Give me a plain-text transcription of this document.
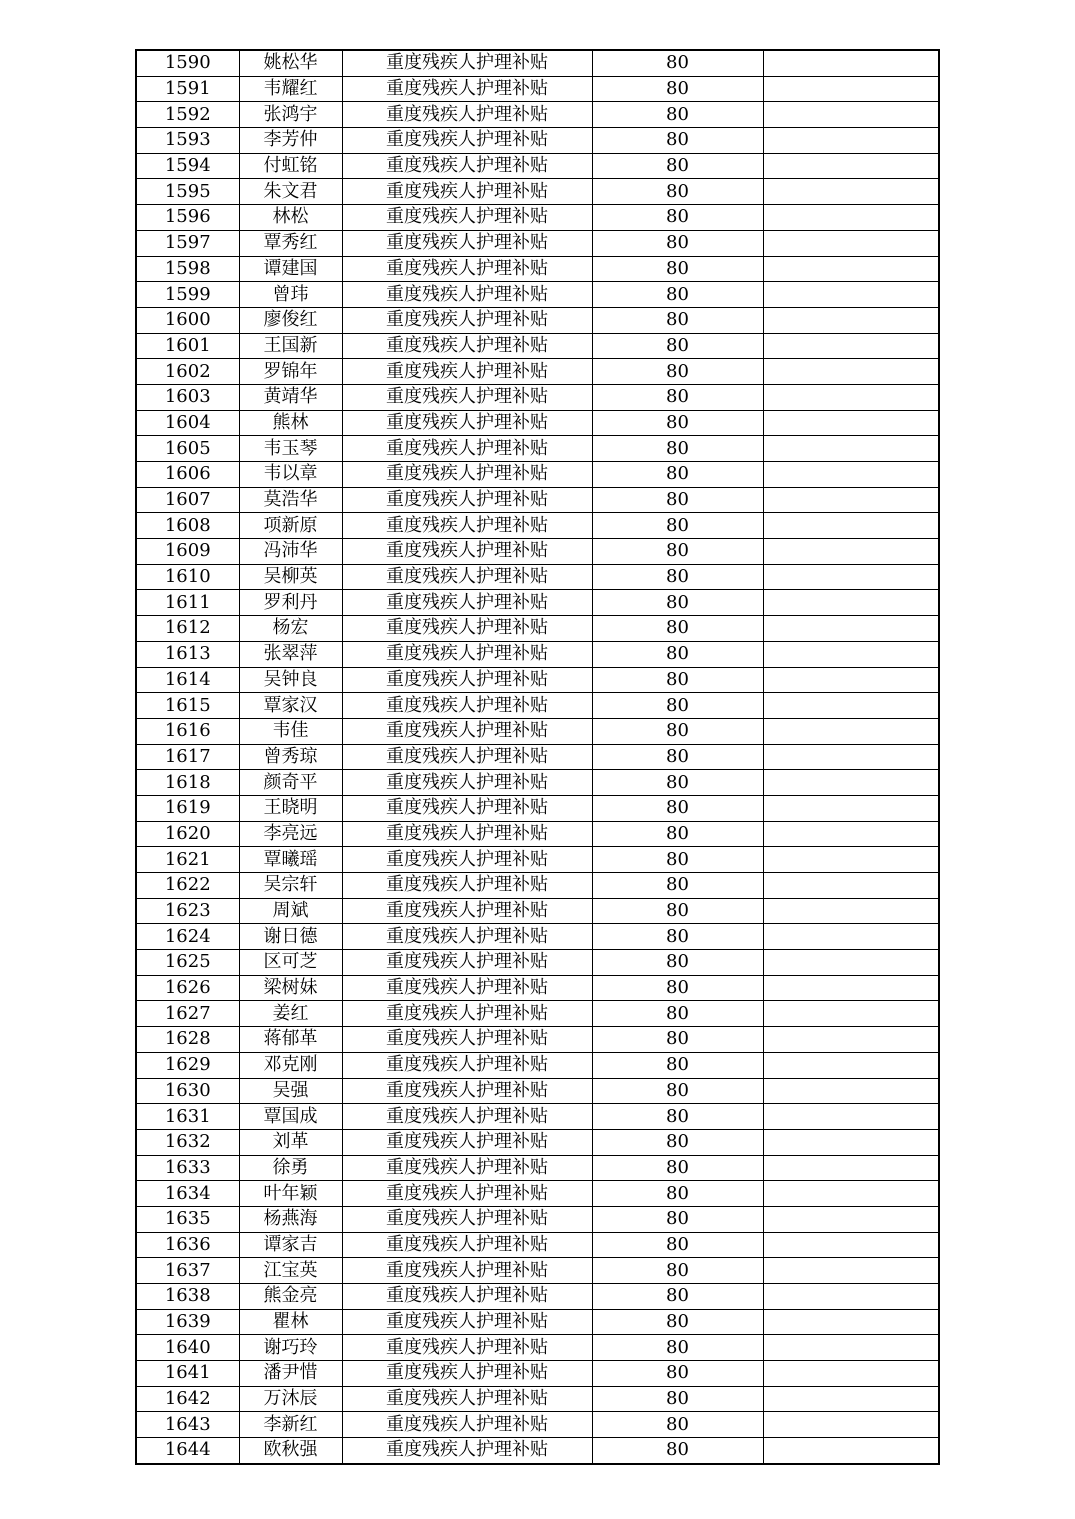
1590	姚松华	重度残疾人护理补贴	80	
1591	韦耀红	重度残疾人护理补贴	80	
1592	张鸿宇	重度残疾人护理补贴	80	
1593	李芳仲	重度残疾人护理补贴	80	
1594	付虹铭	重度残疾人护理补贴	80	
1595	朱文君	重度残疾人护理补贴	80	
1596	林松	重度残疾人护理补贴	80	
1597	覃秀红	重度残疾人护理补贴	80	
1598	谭建国	重度残疾人护理补贴	80	
1599	曾玮	重度残疾人护理补贴	80	
1600	廖俊红	重度残疾人护理补贴	80	
1601	王国新	重度残疾人护理补贴	80	
1602	罗锦年	重度残疾人护理补贴	80	
1603	黄靖华	重度残疾人护理补贴	80	
1604	熊林	重度残疾人护理补贴	80	
1605	韦玉琴	重度残疾人护理补贴	80	
1606	韦以章	重度残疾人护理补贴	80	
1607	莫浩华	重度残疾人护理补贴	80	
1608	项新原	重度残疾人护理补贴	80	
1609	冯沛华	重度残疾人护理补贴	80	
1610	吴柳英	重度残疾人护理补贴	80	
1611	罗利丹	重度残疾人护理补贴	80	
1612	杨宏	重度残疾人护理补贴	80	
1613	张翠萍	重度残疾人护理补贴	80	
1614	吴钟良	重度残疾人护理补贴	80	
1615	覃家汉	重度残疾人护理补贴	80	
1616	韦佳	重度残疾人护理补贴	80	
1617	曾秀琼	重度残疾人护理补贴	80	
1618	颜奇平	重度残疾人护理补贴	80	
1619	王晓明	重度残疾人护理补贴	80	
1620	李亮远	重度残疾人护理补贴	80	
1621	覃曦瑶	重度残疾人护理补贴	80	
1622	吴宗轩	重度残疾人护理补贴	80	
1623	周斌	重度残疾人护理补贴	80	
1624	谢日德	重度残疾人护理补贴	80	
1625	区可芝	重度残疾人护理补贴	80	
1626	梁树妹	重度残疾人护理补贴	80	
1627	姜红	重度残疾人护理补贴	80	
1628	蒋郁革	重度残疾人护理补贴	80	
1629	邓克刚	重度残疾人护理补贴	80	
1630	吴强	重度残疾人护理补贴	80	
1631	覃国成	重度残疾人护理补贴	80	
1632	刘革	重度残疾人护理补贴	80	
1633	徐勇	重度残疾人护理补贴	80	
1634	叶年颖	重度残疾人护理补贴	80	
1635	杨燕海	重度残疾人护理补贴	80	
1636	谭家吉	重度残疾人护理补贴	80	
1637	江宝英	重度残疾人护理补贴	80	
1638	熊金亮	重度残疾人护理补贴	80	
1639	瞿林	重度残疾人护理补贴	80	
1640	谢巧玲	重度残疾人护理补贴	80	
1641	潘尹惜	重度残疾人护理补贴	80	
1642	万沐辰	重度残疾人护理补贴	80	
1643	李新红	重度残疾人护理补贴	80	
1644	欧秋强	重度残疾人护理补贴	80	
